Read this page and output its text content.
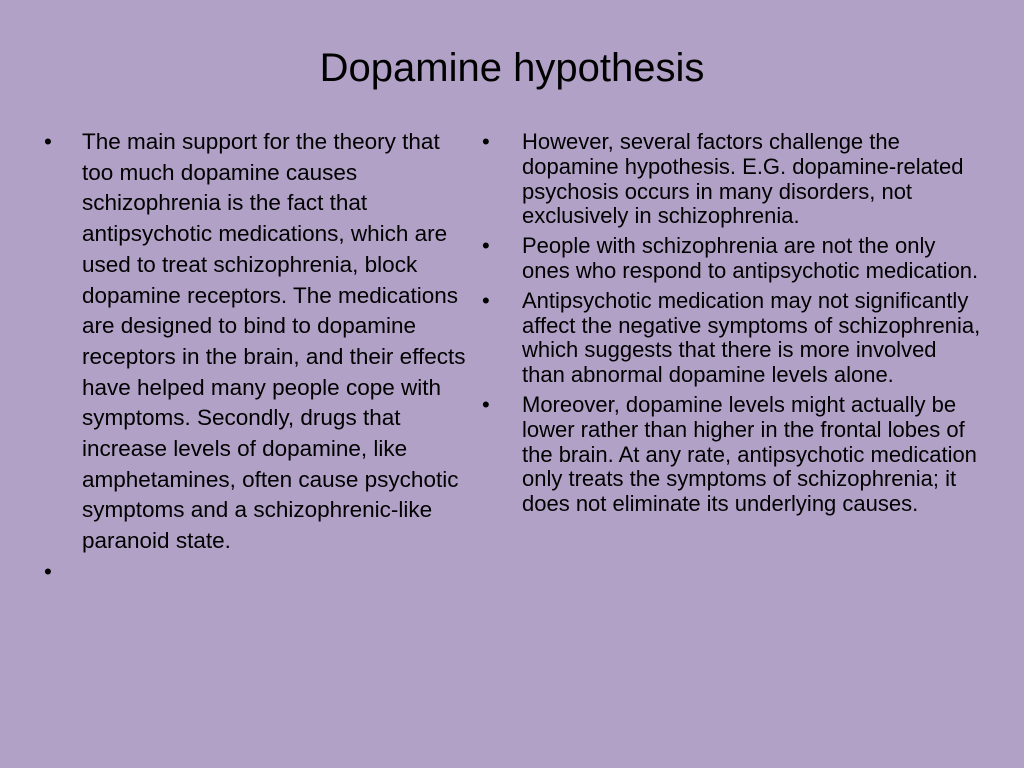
Dopamine hypothesis
• The main support for the theory that too much dopamine causes schizophrenia is the fact that antipsychotic medications, which are used to treat schizophrenia, block dopamine receptors. The medications are designed to bind to dopamine receptors in the brain, and their effects have helped many people cope with symptoms. Secondly, drugs that increase levels of dopamine, like amphetamines, often cause psychotic symptoms and a schizophrenic-like paranoid state.
•

• However, several factors challenge the dopamine hypothesis. E.G. dopamine-related psychosis occurs in many disorders, not exclusively in schizophrenia.
• People with schizophrenia are not the only ones who respond to antipsychotic medication.
• Antipsychotic medication may not significantly affect the negative symptoms of schizophrenia, which suggests that there is more involved than abnormal dopamine levels alone.
• Moreover, dopamine levels might actually be lower rather than higher in the frontal lobes of the brain. At any rate, antipsychotic medication only treats the symptoms of schizophrenia; it does not eliminate its underlying causes.
